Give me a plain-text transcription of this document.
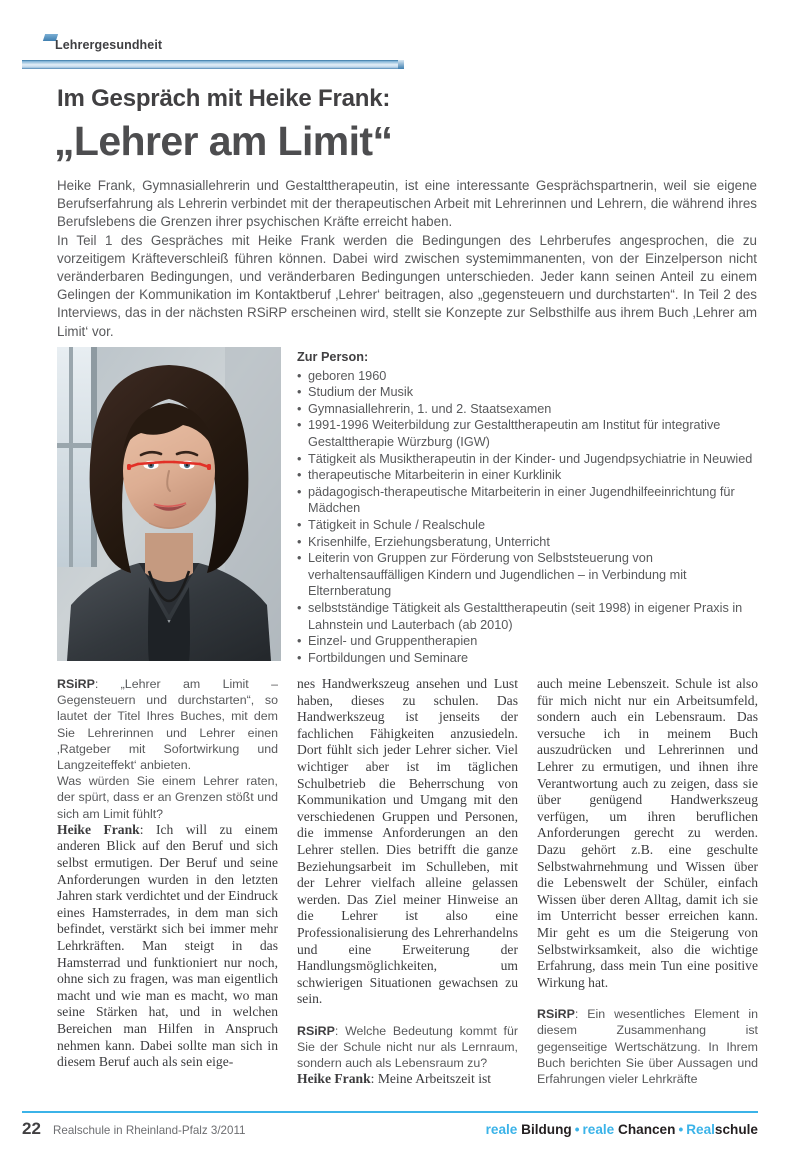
Lehrergesundheit
Im Gespräch mit Heike Frank:
„Lehrer am Limit“

Heike Frank, Gymnasiallehrerin und Gestalttherapeutin, ist eine interessante Gesprächspartnerin, weil sie eigene Berufserfahrung als Lehrerin verbindet mit der therapeutischen Arbeit mit Lehrerinnen und Lehrern, die während ihres Berufslebens die Grenzen ihrer psychischen Kräfte erreicht haben.

In Teil 1 des Gespräches mit Heike Frank werden die Bedingungen des Lehrberufes angesprochen, die zu vorzeitigem Kräfteverschleiß führen können. Dabei wird zwischen systemimmanenten, von der Einzelperson nicht veränderbaren Bedingungen, und veränderbaren Bedingungen unterschieden. Jeder kann seinen Anteil zu einem Gelingen der Kommunikation im Kontaktberuf ‚Lehrer‘ beitragen, also „gegensteuern und durchstarten“. In Teil 2 des Interviews, das in der nächsten RSiRP erscheinen wird, stellt sie Konzepte zur Selbsthilfe aus ihrem Buch ‚Lehrer am Limit‘ vor.

Zur Person:
• geboren 1960
• Studium der Musik
• Gymnasiallehrerin, 1. und 2. Staatsexamen
• 1991-1996 Weiterbildung zur Gestalttherapeutin am Institut für integrative Gestalttherapie Würzburg (IGW)
• Tätigkeit als Musiktherapeutin in der Kinder- und Jugendpsychiatrie in Neuwied
• therapeutische Mitarbeiterin in einer Kurklinik
• pädagogisch-therapeutische Mitarbeiterin in einer Jugendhilfeeinrichtung für Mädchen
• Tätigkeit in Schule / Realschule
• Krisenhilfe, Erziehungsberatung, Unterricht
• Leiterin von Gruppen zur Förderung von Selbststeuerung von verhaltensauffälligen Kindern und Jugendlichen – in Verbindung mit Elternberatung
• selbstständige Tätigkeit als Gestalttherapeutin (seit 1998) in eigener Praxis in Lahnstein und Lauterbach (ab 2010)
• Einzel- und Gruppentherapien
• Fortbildungen und Seminare

RSiRP: „Lehrer am Limit – Gegensteuern und durchstarten“, so lautet der Titel Ihres Buches, mit dem Sie Lehrerinnen und Lehrer einen ‚Ratgeber mit Sofortwirkung und Langzeiteffekt‘ anbieten.

Was würden Sie einem Lehrer raten, der spürt, dass er an Grenzen stößt und sich am Limit fühlt?

Heike Frank: Ich will zu einem anderen Blick auf den Beruf und sich selbst ermutigen. Der Beruf und seine Anforderungen wurden in den letzten Jahren stark verdichtet und der Eindruck eines Hamsterrades, in dem man sich befindet, verstärkt sich bei immer mehr Lehrkräften. Man steigt in das Hamsterrad und funktioniert nur noch, ohne sich zu fragen, was man eigentlich macht und wie man es macht, wo man seine Stärken hat, und in welchen Bereichen man Hilfen in Anspruch nehmen kann. Dabei sollte man sich in diesem Beruf auch als sein eige-

nes Handwerkszeug ansehen und Lust haben, dieses zu schulen. Das Handwerkszeug ist jenseits der fachlichen Fähigkeiten anzusiedeln. Dort fühlt sich jeder Lehrer sicher. Viel wichtiger aber ist im täglichen Schulbetrieb die Beherrschung von Kommunikation und Umgang mit den verschiedenen Gruppen und Personen, die immense Anforderungen an den Lehrer stellen. Dies betrifft die ganze Beziehungsarbeit im Schulleben, mit der Lehrer vielfach alleine gelassen werden. Das Ziel meiner Hinweise an die Lehrer ist also eine Professionalisierung des Lehrerhandelns und eine Erweiterung der Handlungsmöglichkeiten, um schwierigen Situationen gewachsen zu sein.

RSiRP: Welche Bedeutung kommt für Sie der Schule nicht nur als Lernraum, sondern auch als Lebensraum zu?

Heike Frank: Meine Arbeitszeit ist

auch meine Lebenszeit. Schule ist also für mich nicht nur ein Arbeitsumfeld, sondern auch ein Lebensraum. Das versuche ich in meinem Buch auszudrücken und Lehrerinnen und Lehrer zu ermutigen, und ihnen ihre Verantwortung auch zu zeigen, dass sie über genügend Handwerkszeug verfügen, um ihren beruflichen Anforderungen gerecht zu werden. Dazu gehört z.B. eine geschulte Selbstwahrnehmung und Wissen über die Lebenswelt der Schüler, einfach Wissen über deren Alltag, damit ich sie im Unterricht besser erreichen kann. Mir geht es um die Steigerung von Selbstwirksamkeit, also die wichtige Erfahrung, dass mein Tun eine positive Wirkung hat.

RSiRP: Ein wesentliches Element in diesem Zusammenhang ist gegenseitige Wertschätzung. In Ihrem Buch berichten Sie über Aussagen und Erfahrungen vieler Lehrkräfte

22 Realschule in Rheinland-Pfalz 3/2011	reale Bildung • reale Chancen • Realschule
